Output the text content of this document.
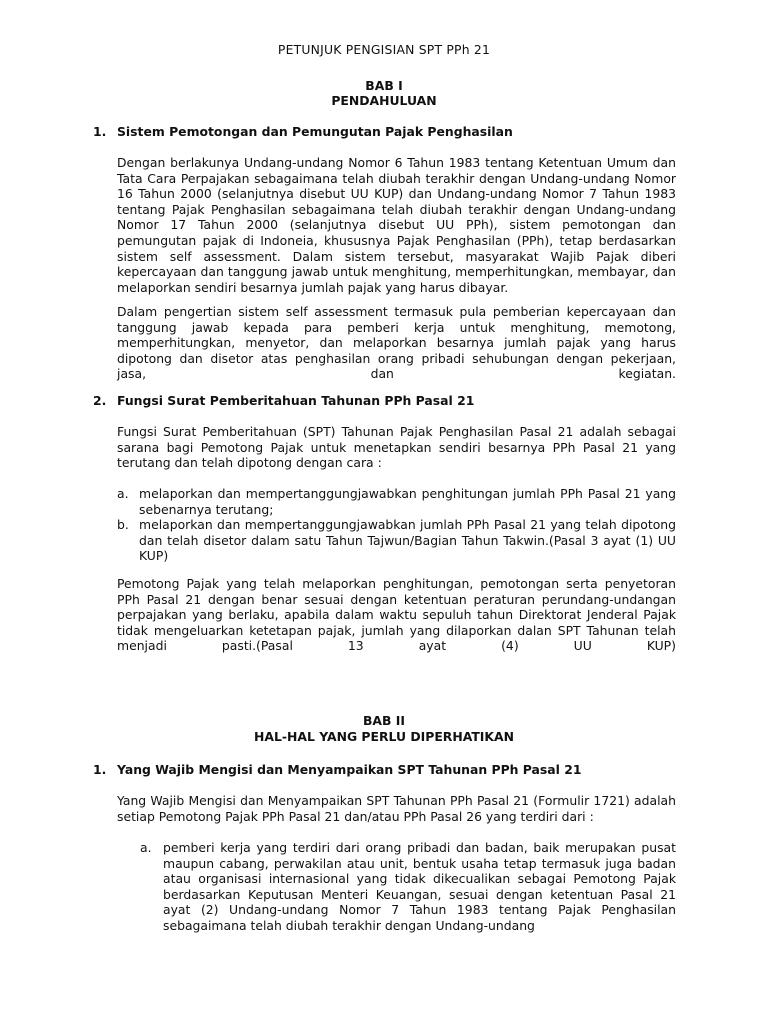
PETUNJUK PENGISIAN SPT PPh 21
BAB I
PENDAHULUAN
1. Sistem Pemotongan dan Pemungutan Pajak Penghasilan

Dengan berlakunya Undang-undang Nomor 6 Tahun 1983 tentang Ketentuan Umum dan Tata Cara Perpajakan sebagaimana telah diubah terakhir dengan Undang-undang Nomor 16 Tahun 2000 (selanjutnya disebut UU KUP) dan Undang-undang Nomor 7 Tahun 1983 tentang Pajak Penghasilan sebagaimana telah diubah terakhir dengan Undang-undang Nomor 17 Tahun 2000 (selanjutnya disebut UU PPh), sistem pemotongan dan pemungutan pajak di Indoneia, khususnya Pajak Penghasilan (PPh), tetap berdasarkan sistem self assessment. Dalam sistem tersebut, masyarakat Wajib Pajak diberi kepercayaan dan tanggung jawab untuk menghitung, memperhitungkan, membayar, dan melaporkan sendiri besarnya jumlah pajak yang harus dibayar.

Dalam pengertian sistem self assessment termasuk pula pemberian kepercayaan dan tanggung jawab kepada para pemberi kerja untuk menghitung, memotong, memperhitungkan, menyetor, dan melaporkan besarnya jumlah pajak yang harus dipotong dan disetor atas penghasilan orang pribadi sehubungan dengan pekerjaan, jasa, dan kegiatan.

2. Fungsi Surat Pemberitahuan Tahunan PPh Pasal 21

Fungsi Surat Pemberitahuan (SPT) Tahunan Pajak Penghasilan Pasal 21 adalah sebagai sarana bagi Pemotong Pajak untuk menetapkan sendiri besarnya PPh Pasal 21 yang terutang dan telah dipotong dengan cara :

a. melaporkan dan mempertanggungjawabkan penghitungan jumlah PPh Pasal 21 yang sebenarnya terutang;
b. melaporkan dan mempertanggungjawabkan jumlah PPh Pasal 21 yang telah dipotong dan telah disetor dalam satu Tahun Tajwun/Bagian Tahun Takwin.(Pasal 3 ayat (1) UU KUP)

Pemotong Pajak yang telah melaporkan penghitungan, pemotongan serta penyetoran PPh Pasal 21 dengan benar sesuai dengan ketentuan peraturan perundang-undangan perpajakan yang berlaku, apabila dalam waktu sepuluh tahun Direktorat Jenderal Pajak tidak mengeluarkan ketetapan pajak, jumlah yang dilaporkan dalan SPT Tahunan telah menjadi pasti.(Pasal 13 ayat (4) UU KUP)

BAB II
HAL-HAL YANG PERLU DIPERHATIKAN
1. Yang Wajib Mengisi dan Menyampaikan SPT Tahunan PPh Pasal 21

Yang Wajib Mengisi dan Menyampaikan SPT Tahunan PPh Pasal 21 (Formulir 1721) adalah setiap Pemotong Pajak PPh Pasal 21 dan/atau PPh Pasal 26 yang terdiri dari :

a. pemberi kerja yang terdiri dari orang pribadi dan badan, baik merupakan pusat maupun cabang, perwakilan atau unit, bentuk usaha tetap termasuk juga badan atau organisasi internasional yang tidak dikecualikan sebagai Pemotong Pajak berdasarkan Keputusan Menteri Keuangan, sesuai dengan ketentuan Pasal 21 ayat (2) Undang-undang Nomor 7 Tahun 1983 tentang Pajak Penghasilan sebagaimana telah diubah terakhir dengan Undang-undang
